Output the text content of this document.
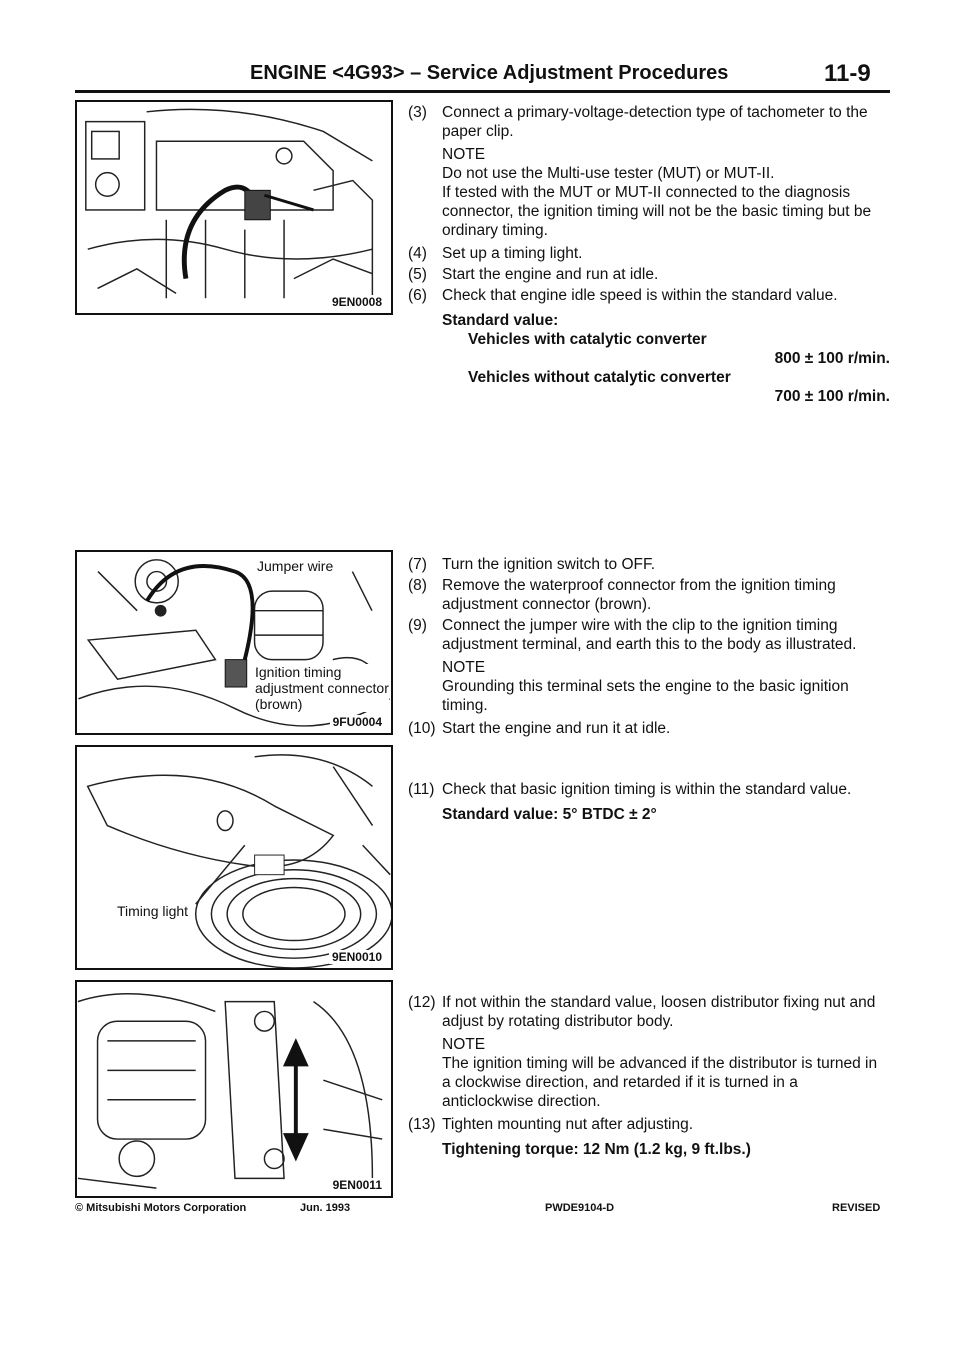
ENGINE <4G93> – Service Adjustment Procedures	11-9
9EN0008
Jumper wire
Ignition timing adjustment connector (brown)
9FU0004
Timing light
9EN0010
9EN0011
(3) Connect a primary-voltage-detection type of tachometer to the paper clip.
NOTE
Do not use the Multi-use tester (MUT) or MUT-II.
If tested with the MUT or MUT-II connected to the diagnosis connector, the ignition timing will not be the basic timing but be ordinary timing.
(4) Set up a timing light.
(5) Start the engine and run at idle.
(6) Check that engine idle speed is within the standard value.
Standard value:
Vehicles with catalytic converter
800 ± 100 r/min.
Vehicles without catalytic converter
700 ± 100 r/min.
(7) Turn the ignition switch to OFF.
(8) Remove the waterproof connector from the ignition timing adjustment connector (brown).
(9) Connect the jumper wire with the clip to the ignition timing adjustment terminal, and earth this to the body as illustrated.
NOTE
Grounding this terminal sets the engine to the basic ignition timing.
(10) Start the engine and run it at idle.
(11) Check that basic ignition timing is within the standard value.
Standard value: 5° BTDC ± 2°
(12) If not within the standard value, loosen distributor fixing nut and adjust by rotating distributor body.
NOTE
The ignition timing will be advanced if the distributor is turned in a clockwise direction, and retarded if it is turned in a anticlockwise direction.
(13) Tighten mounting nut after adjusting.
Tightening torque: 12 Nm (1.2 kg, 9 ft.lbs.)
© Mitsubishi Motors Corporation	Jun. 1993	PWDE9104-D	REVISED
